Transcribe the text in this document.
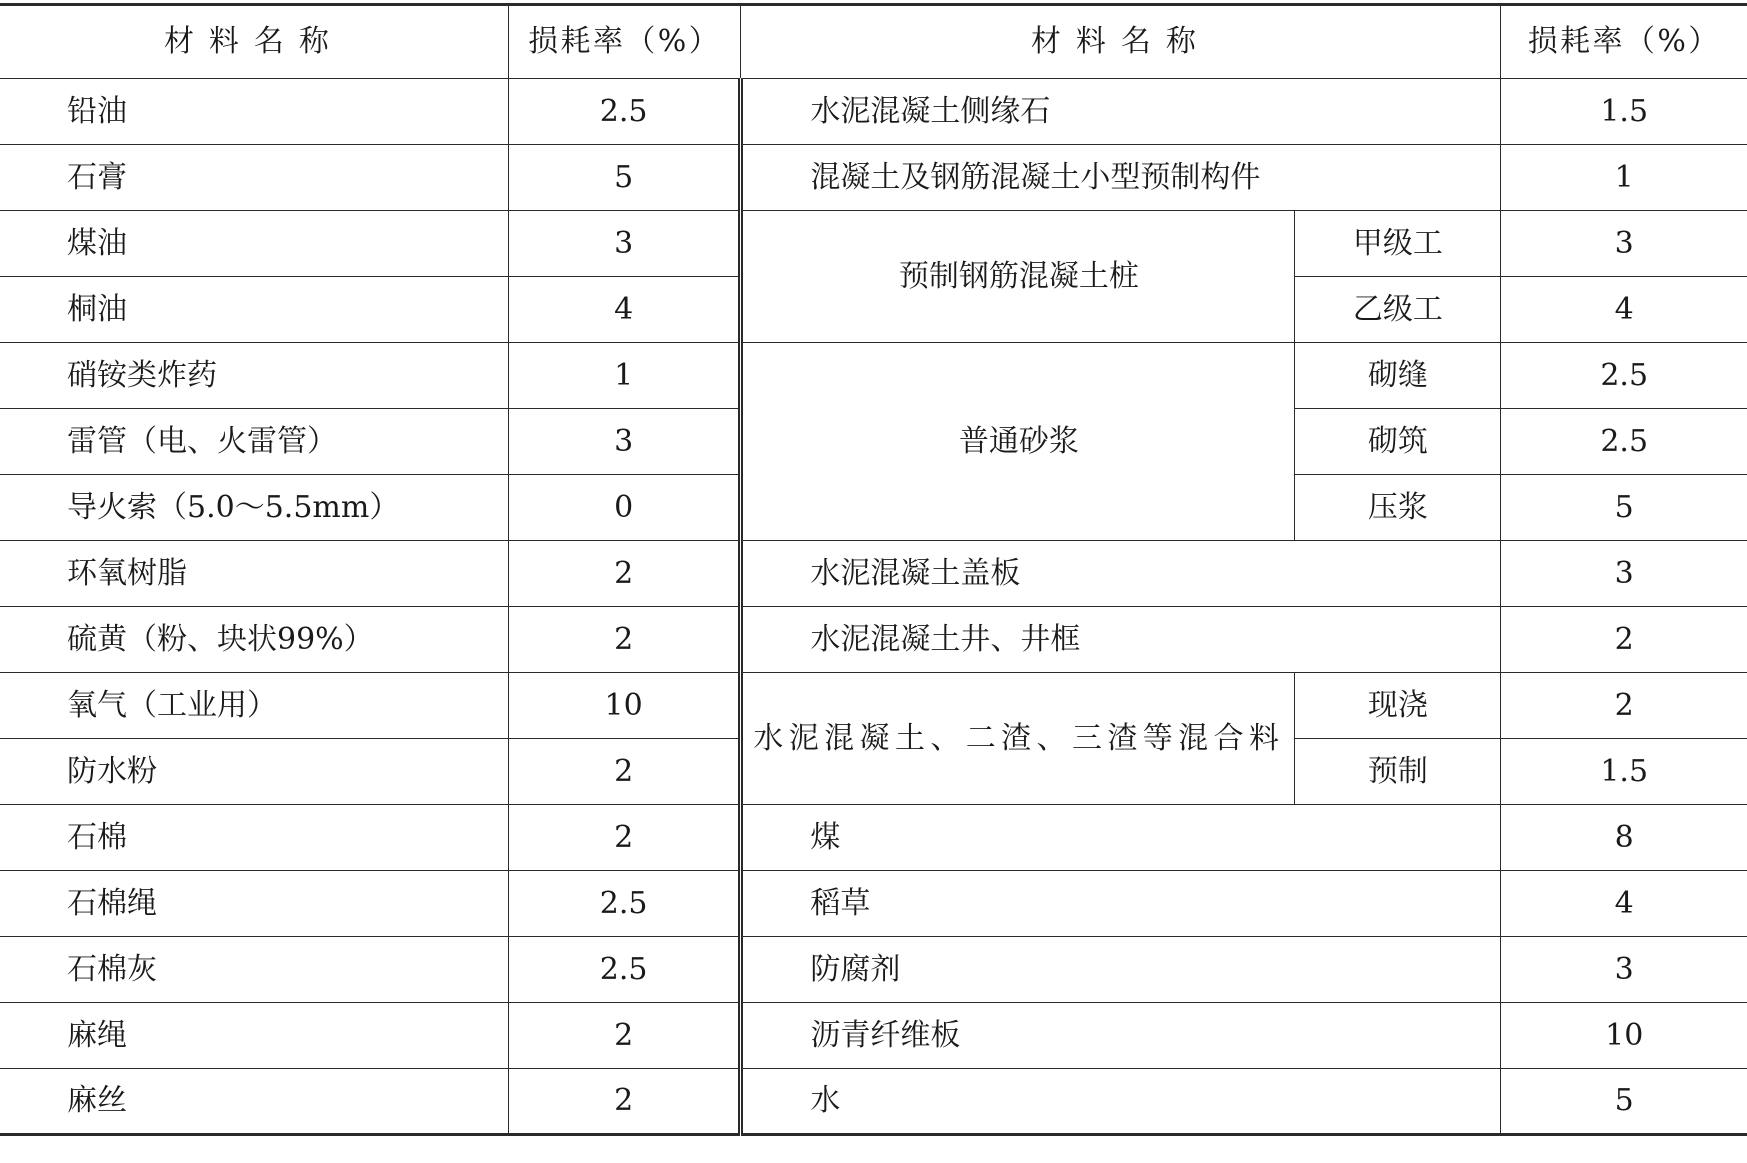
材料名称	损耗率（%）	材料名称		损耗率（%）
铅油	2.5	水泥混凝土侧缘石		1.5
石膏	5	混凝土及钢筋混凝土小型预制构件		1
煤油	3	预制钢筋混凝土桩	甲级工	3
桐油	4		乙级工	4
硝铵类炸药	1	普通砂浆	砌缝	2.5
雷管（电、火雷管）	3		砌筑	2.5
导火索（5.0～5.5mm）	0		压浆	5
环氧树脂	2	水泥混凝土盖板		3
硫黄（粉、块状99%）	2	水泥混凝土井、井框		2
氧气（工业用）	10	水泥混凝土、二渣、三渣等混合料	现浇	2
防水粉	2		预制	1.5
石棉	2	煤		8
石棉绳	2.5	稻草		4
石棉灰	2.5	防腐剂		3
麻绳	2	沥青纤维板		10
麻丝	2	水		5
